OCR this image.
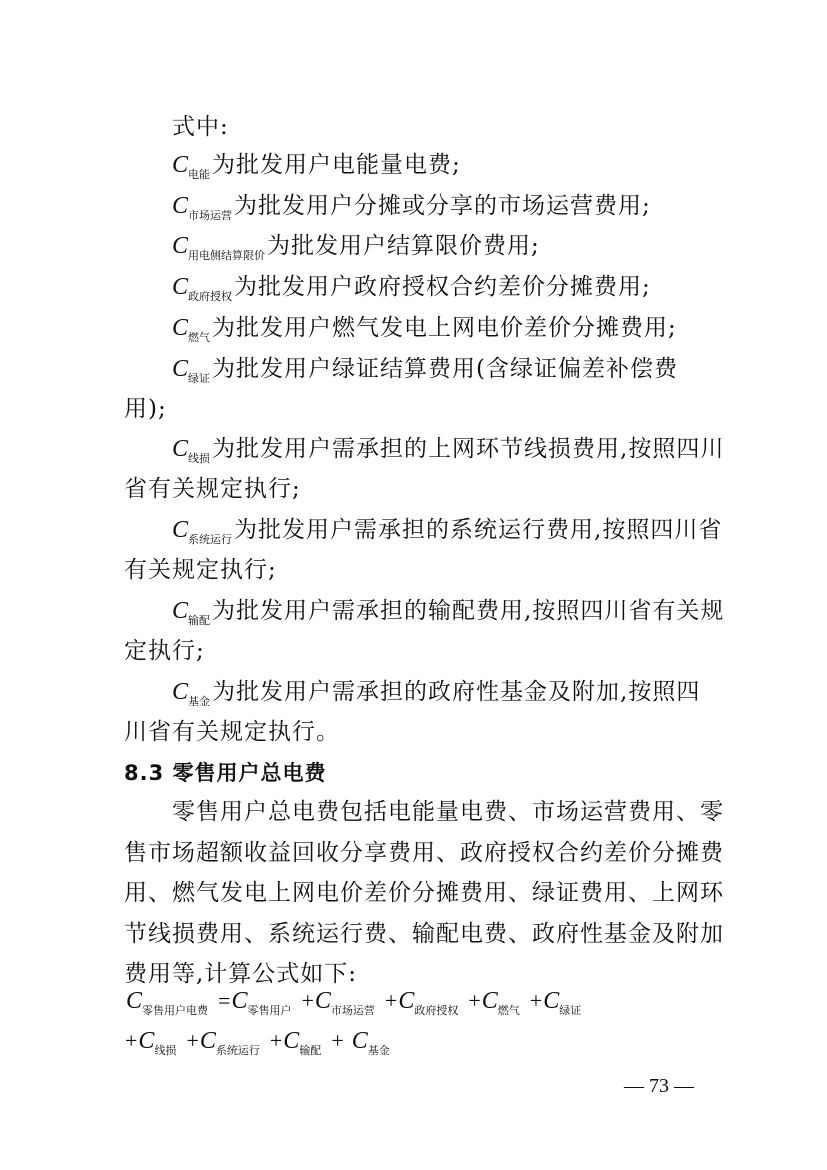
式中:
$C_{电能}$为批发用户电能量电费;
$C_{市场运营}$为批发用户分摊或分享的市场运营费用;
$C_{用电侧结算限价}$为批发用户结算限价费用;
$C_{政府授权}$为批发用户政府授权合约差价分摊费用;
$C_{燃气}$为批发用户燃气发电上网电价差价分摊费用;
$C_{绿证}$为批发用户绿证结算费用(含绿证偏差补偿费
用);
$C_{线损}$为批发用户需承担的上网环节线损费用,按照四川
省有关规定执行;
$C_{系统运行}$为批发用户需承担的系统运行费用,按照四川省
有关规定执行;
$C_{输配}$为批发用户需承担的输配费用,按照四川省有关规
定执行;
$C_{基金}$为批发用户需承担的政府性基金及附加,按照四
川省有关规定执行。
8.3 零售用户总电费
零售用户总电费包括电能量电费、市场运营费用、零
售市场超额收益回收分享费用、政府授权合约差价分摊费
用、燃气发电上网电价差价分摊费用、绿证费用、上网环
节线损费用、系统运行费、输配电费、政府性基金及附加
费用等,计算公式如下:
$C_{零售用户电费} =C_{零售用户} +C_{市场运营} +C_{政府授权} +C_{燃气} +C_{绿证}$
$+C_{线损} +C_{系统运行} +C_{输配} + C_{基金}$
— 73 —
